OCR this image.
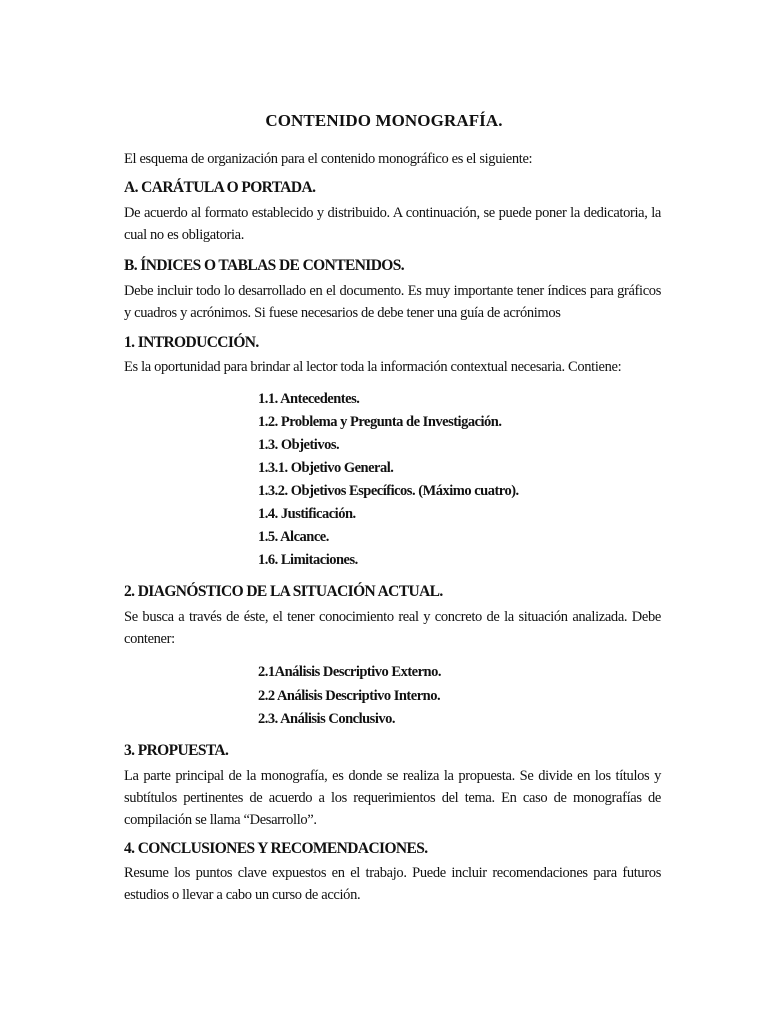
CONTENIDO MONOGRAFÍA.
El esquema de organización para el contenido monográfico es el siguiente:
A. CARÁTULA O PORTADA.
De acuerdo al formato establecido y distribuido. A continuación, se puede poner la dedicatoria, la cual no es obligatoria.
B. ÍNDICES O TABLAS DE CONTENIDOS.
Debe incluir todo lo desarrollado en el documento. Es muy importante tener índices para gráficos y cuadros y acrónimos. Si fuese necesarios de debe tener una guía de acrónimos
1. INTRODUCCIÓN.
Es la oportunidad para brindar al lector toda la información contextual necesaria. Contiene:
1.1. Antecedentes.
1.2. Problema y Pregunta de Investigación.
1.3. Objetivos.
1.3.1. Objetivo General.
1.3.2. Objetivos Específicos. (Máximo cuatro).
1.4. Justificación.
1.5. Alcance.
1.6. Limitaciones.
2. DIAGNÓSTICO DE LA SITUACIÓN ACTUAL.
Se busca a través de éste, el tener conocimiento real y concreto de la situación analizada. Debe contener:
2.1Análisis Descriptivo Externo.
2.2 Análisis Descriptivo Interno.
2.3. Análisis Conclusivo.
3. PROPUESTA.
La parte principal de la monografía, es donde se realiza la propuesta. Se divide en los títulos y subtítulos pertinentes de acuerdo a los requerimientos del tema. En caso de monografías de compilación se llama “Desarrollo”.
4. CONCLUSIONES Y RECOMENDACIONES.
Resume los puntos clave expuestos en el trabajo. Puede incluir recomendaciones para futuros estudios o llevar a cabo un curso de acción.
